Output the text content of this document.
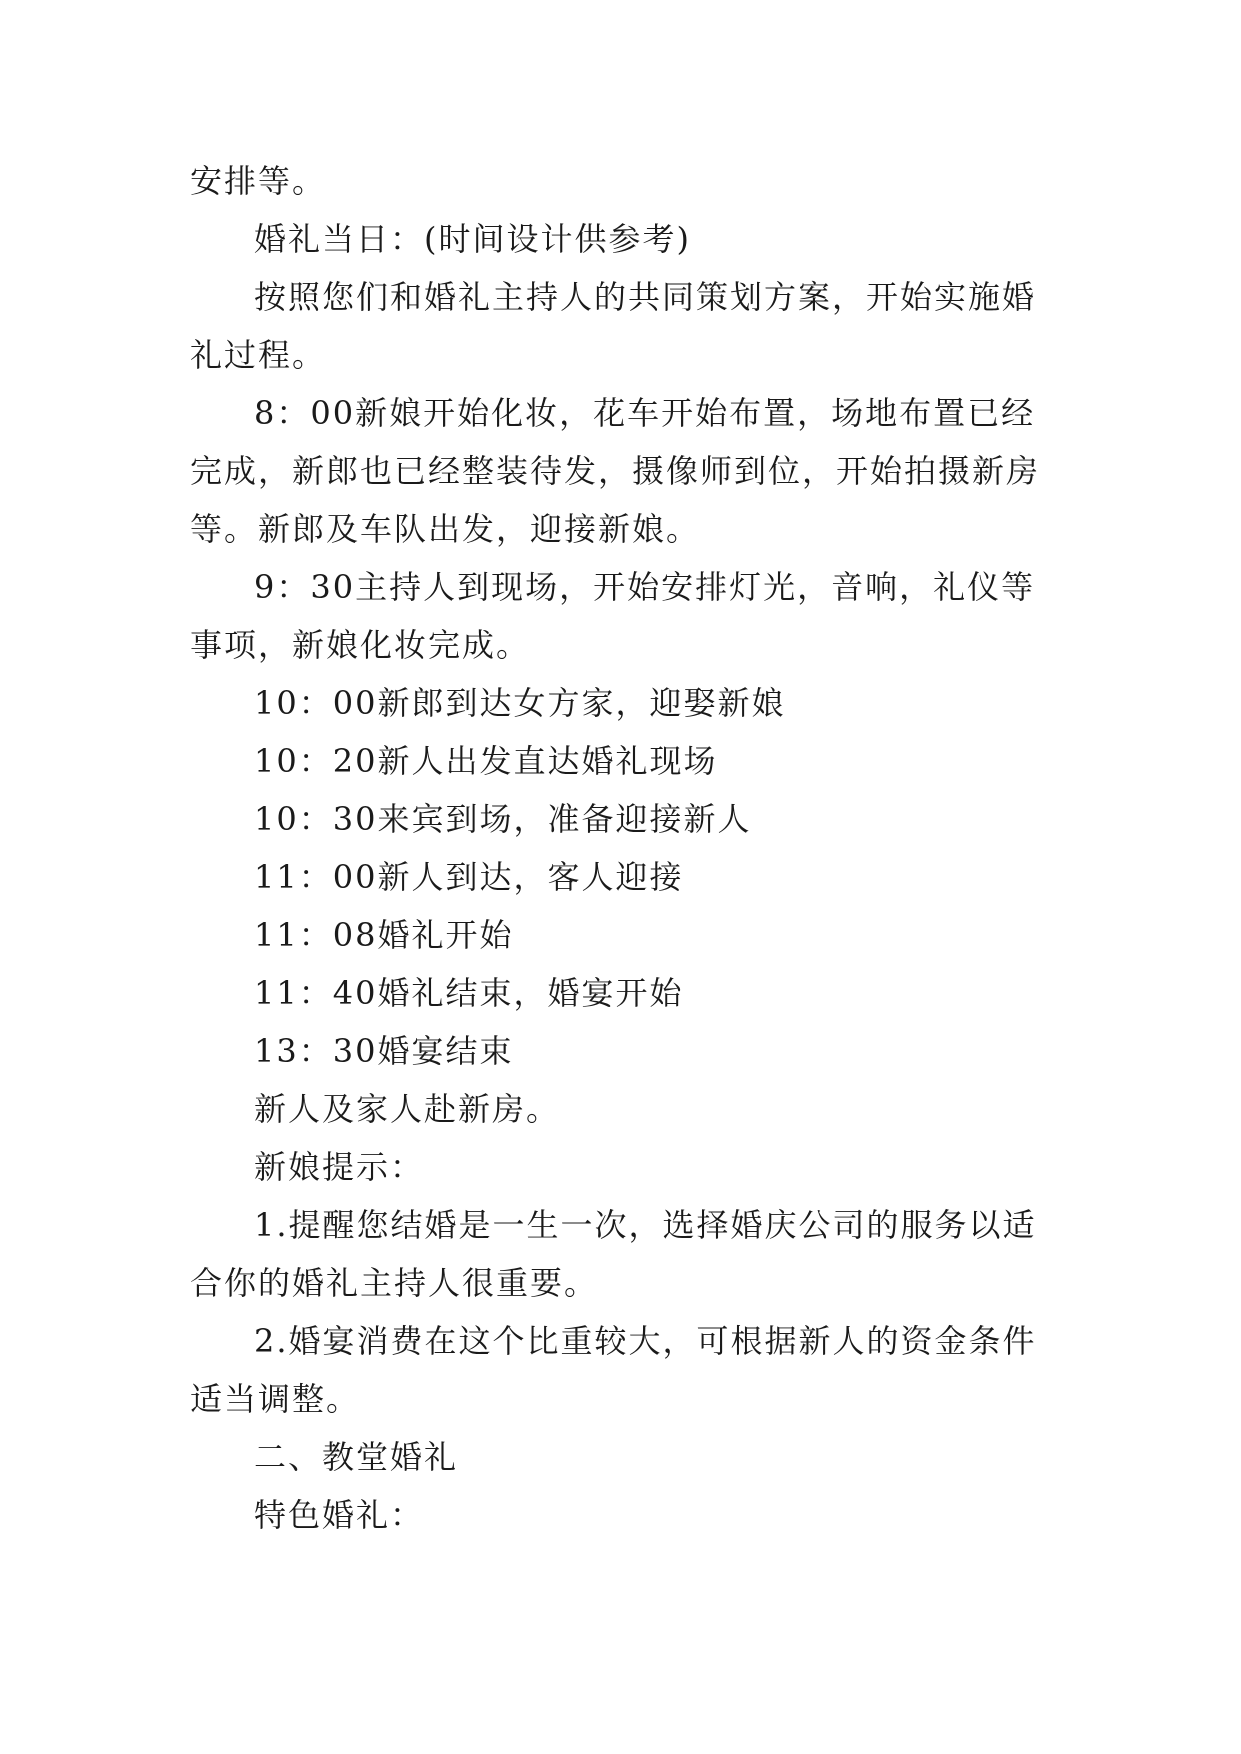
安排等。

婚礼当日：(时间设计供参考)

按照您们和婚礼主持人的共同策划方案，开始实施婚礼过程。

8：00新娘开始化妆，花车开始布置，场地布置已经完成，新郎也已经整装待发，摄像师到位，开始拍摄新房等。新郎及车队出发，迎接新娘。

9：30主持人到现场，开始安排灯光，音响，礼仪等事项，新娘化妆完成。

10：00新郎到达女方家，迎娶新娘

10：20新人出发直达婚礼现场

10：30来宾到场，准备迎接新人

11：00新人到达，客人迎接

11：08婚礼开始

11：40婚礼结束，婚宴开始

13：30婚宴结束

新人及家人赴新房。

新娘提示：

1.提醒您结婚是一生一次，选择婚庆公司的服务以适合你的婚礼主持人很重要。

2.婚宴消费在这个比重较大，可根据新人的资金条件适当调整。

二、教堂婚礼

特色婚礼：
